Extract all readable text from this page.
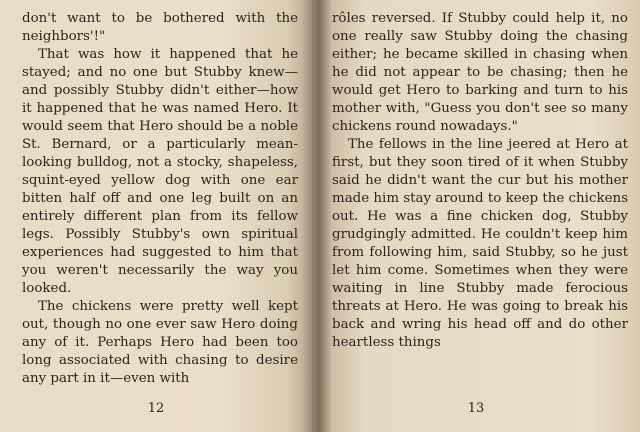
don't want to be bothered with the neighbors'!"

That was how it happened that he stayed; and no one but Stubby knew—and possibly Stubby didn't either—how it happened that he was named Hero. It would seem that Hero should be a noble St. Bernard, or a particularly mean-looking bulldog, not a stocky, shapeless, squint-eyed yellow dog with one ear bitten half off and one leg built on an entirely different plan from its fellow legs. Possibly Stubby's own spiritual experiences had suggested to him that you weren't necessarily the way you looked.

The chickens were pretty well kept out, though no one ever saw Hero doing any of it. Perhaps Hero had been too long associated with chasing to desire any part in it—even with

12

rôles reversed. If Stubby could help it, no one really saw Stubby doing the chasing either; he became skilled in chasing when he did not appear to be chasing; then he would get Hero to barking and turn to his mother with, "Guess you don't see so many chickens round nowadays."

The fellows in the line jeered at Hero at first, but they soon tired of it when Stubby said he didn't want the cur but his mother made him stay around to keep the chickens out. He was a fine chicken dog, Stubby grudgingly admitted. He couldn't keep him from following him, said Stubby, so he just let him come. Sometimes when they were waiting in line Stubby made ferocious threats at Hero. He was going to break his back and wring his head off and do other heartless things

13
